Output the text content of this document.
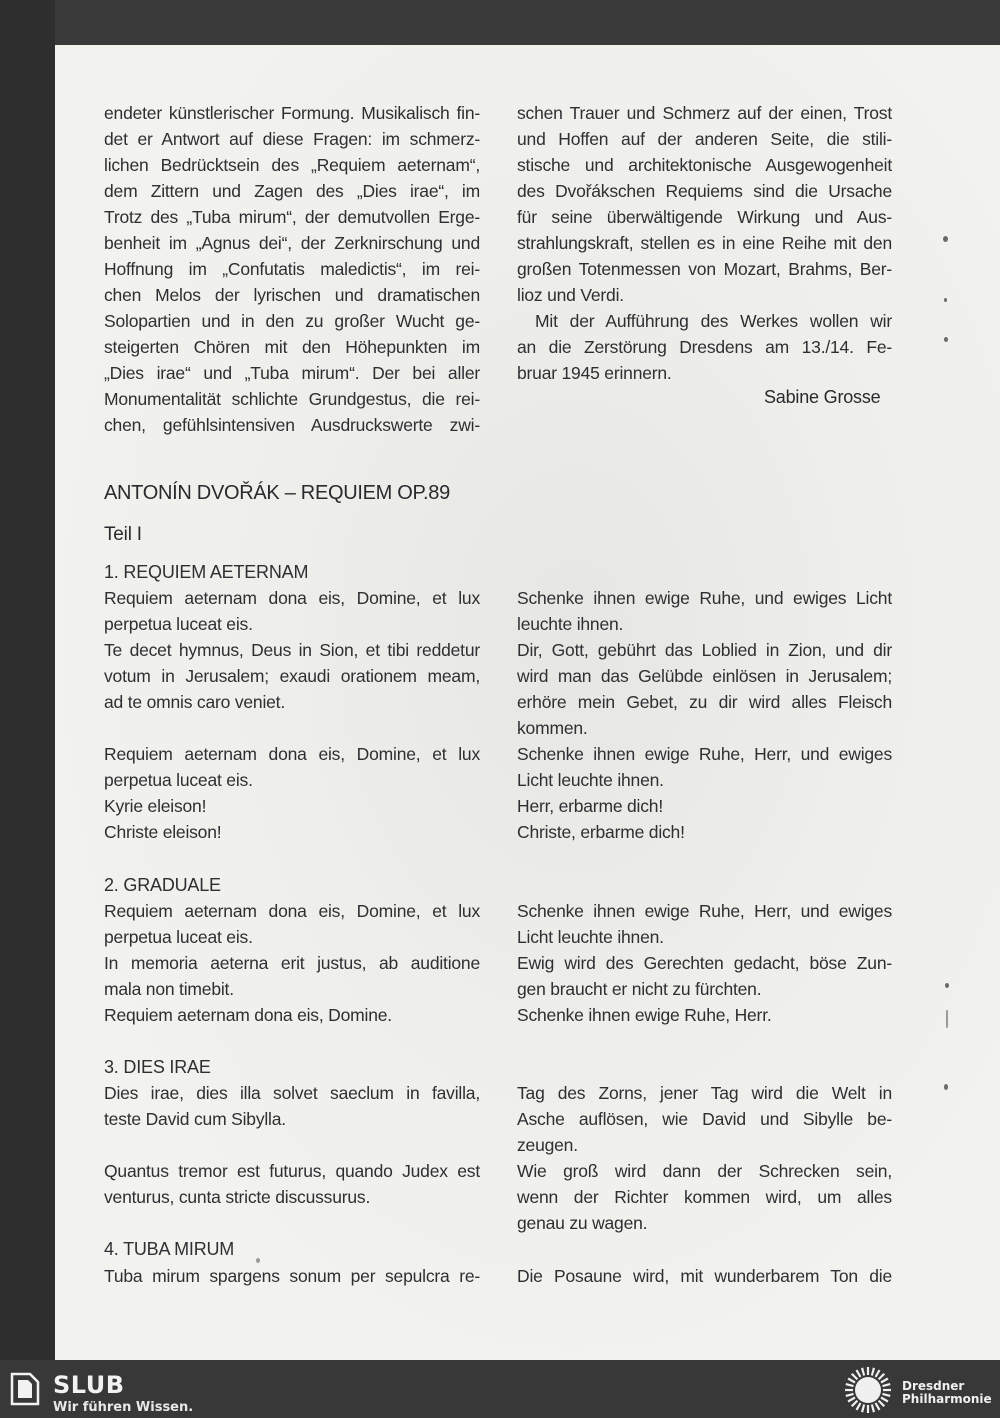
endeter künstlerischer Formung. Musikalisch fin-
det er Antwort auf diese Fragen: im schmerz-
lichen Bedrücktsein des „Requiem aeternam“,
dem Zittern und Zagen des „Dies irae“, im
Trotz des „Tuba mirum“, der demutvollen Erge-
benheit im „Agnus dei“, der Zerknirschung und
Hoffnung im „Confutatis maledictis“, im rei-
chen Melos der lyrischen und dramatischen
Solopartien und in den zu großer Wucht ge-
steigerten Chören mit den Höhepunkten im
„Dies irae“ und „Tuba mirum“. Der bei aller
Monumentalität schlichte Grundgestus, die rei-
chen, gefühlsintensiven Ausdruckswerte zwi-
schen Trauer und Schmerz auf der einen, Trost
und Hoffen auf der anderen Seite, die stili-
stische und architektonische Ausgewogenheit
des Dvořákschen Requiems sind die Ursache
für seine überwältigende Wirkung und Aus-
strahlungskraft, stellen es in eine Reihe mit den
großen Totenmessen von Mozart, Brahms, Ber-
lioz und Verdi.
Mit der Aufführung des Werkes wollen wir
an die Zerstörung Dresdens am 13./14. Fe-
bruar 1945 erinnern.
Sabine Grosse
ANTONÍN DVOŘÁK – REQUIEM OP.89
Teil I
1. REQUIEM AETERNAM
Requiem aeternam dona eis, Domine, et lux
perpetua luceat eis.
Te decet hymnus, Deus in Sion, et tibi reddetur
votum in Jerusalem; exaudi orationem meam,
ad te omnis caro veniet.
Requiem aeternam dona eis, Domine, et lux
perpetua luceat eis.
Kyrie eleison!
Christe eleison!
Schenke ihnen ewige Ruhe, und ewiges Licht
leuchte ihnen.
Dir, Gott, gebührt das Loblied in Zion, und dir
wird man das Gelübde einlösen in Jerusalem;
erhöre mein Gebet, zu dir wird alles Fleisch
kommen.
Schenke ihnen ewige Ruhe, Herr, und ewiges
Licht leuchte ihnen.
Herr, erbarme dich!
Christe, erbarme dich!
2. GRADUALE
Requiem aeternam dona eis, Domine, et lux
perpetua luceat eis.
In memoria aeterna erit justus, ab auditione
mala non timebit.
Requiem aeternam dona eis, Domine.
Schenke ihnen ewige Ruhe, Herr, und ewiges
Licht leuchte ihnen.
Ewig wird des Gerechten gedacht, böse Zun-
gen braucht er nicht zu fürchten.
Schenke ihnen ewige Ruhe, Herr.
3. DIES IRAE
Dies irae, dies illa solvet saeclum in favilla,
teste David cum Sibylla.
Quantus tremor est futurus, quando Judex est
venturus, cunta stricte discussurus.
Tag des Zorns, jener Tag wird die Welt in
Asche auflösen, wie David und Sibylle be-
zeugen.
Wie groß wird dann der Schrecken sein,
wenn der Richter kommen wird, um alles
genau zu wagen.
4. TUBA MIRUM
Tuba mirum spargens sonum per sepulcra re- Die Posaune wird, mit wunderbarem Ton die
SLUB
Wir führen Wissen.
Dresdner
Philharmonie
